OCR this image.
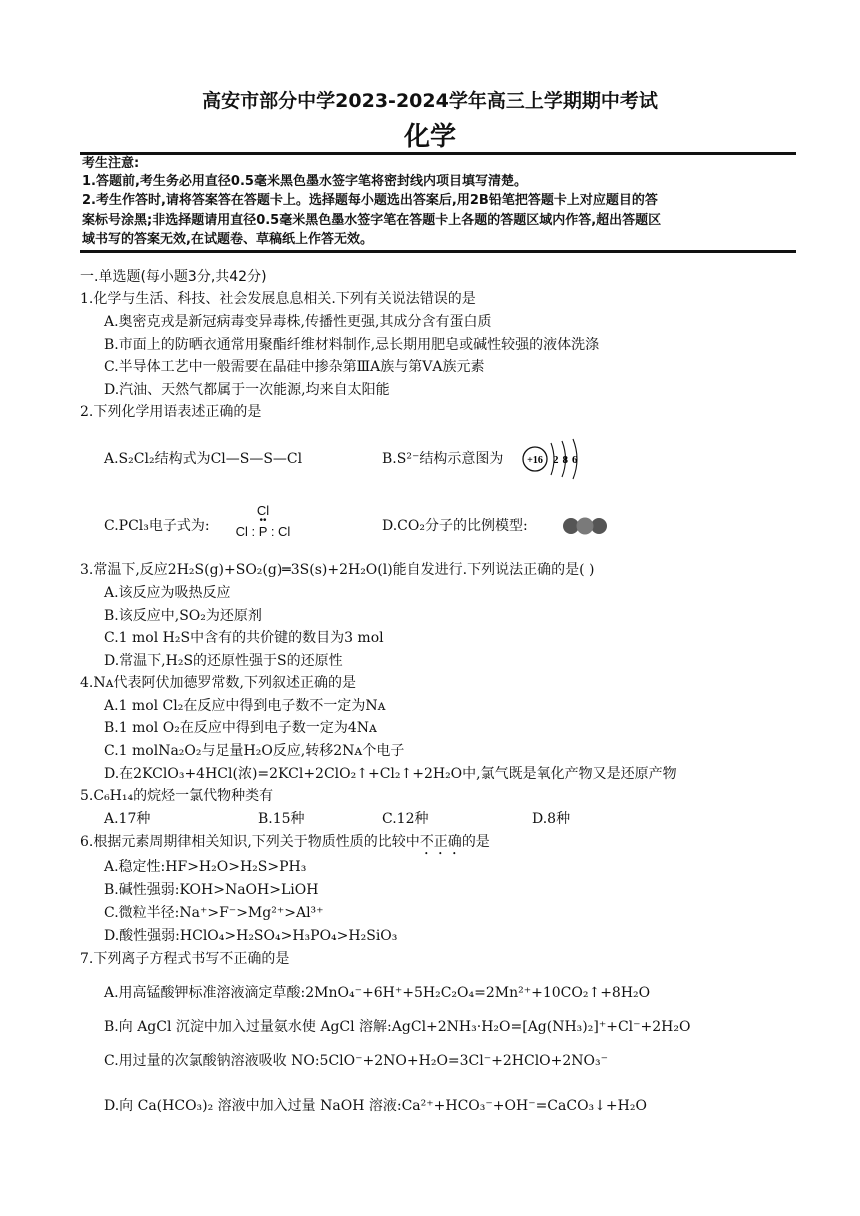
高安市部分中学2023-2024学年高三上学期期中考试
化学
考生注意:
1.答题前,考生务必用直径0.5毫米黑色墨水签字笔将密封线内项目填写清楚。
2.考生作答时,请将答案答在答题卡上。选择题每小题选出答案后,用2B铅笔把答题卡上对应题目的答
案标号涂黑;非选择题请用直径0.5毫米黑色墨水签字笔在答题卡上各题的答题区域内作答,超出答题区
域书写的答案无效,在试题卷、草稿纸上作答无效。
一.单选题(每小题3分,共42分)
1.化学与生活、科技、社会发展息息相关.下列有关说法错误的是
A.奥密克戎是新冠病毒变异毒株,传播性更强,其成分含有蛋白质
B.市面上的防晒衣通常用聚酯纤维材料制作,忌长期用肥皂或碱性较强的液体洗涤
C.半导体工艺中一般需要在晶硅中掺杂第ⅢA族与第ⅤA族元素
D.汽油、天然气都属于一次能源,均来自太阳能
2.下列化学用语表述正确的是
A.S₂Cl₂结构式为Cl—S—S—Cl	B.S²⁻结构示意图为 +16 286
C.PCl₃电子式为:
Cl
••
Cl : P : Cl	D.CO₂分子的比例模型:
3.常温下,反应2H₂S(g)+SO₂(g)═3S(s)+2H₂O(l)能自发进行.下列说法正确的是( )
A.该反应为吸热反应
B.该反应中,SO₂为还原剂
C.1 mol H₂S中含有的共价键的数目为3 mol
D.常温下,H₂S的还原性强于S的还原性
4.Nᴀ代表阿伏加德罗常数,下列叙述正确的是
A.1 mol Cl₂在反应中得到电子数不一定为Nᴀ
B.1 mol O₂在反应中得到电子数一定为4Nᴀ
C.1 molNa₂O₂与足量H₂O反应,转移2Nᴀ个电子
D.在2KClO₃+4HCl(浓)=2KCl+2ClO₂↑+Cl₂↑+2H₂O中,氯气既是氧化产物又是还原产物
5.C₆H₁₄的烷烃一氯代物种类有
A.17种	B.15种	C.12种	D.8种
6.根据元素周期律相关知识,下列关于物质性质的比较中不正确的是
A.稳定性:HF>H₂O>H₂S>PH₃
B.碱性强弱:KOH>NaOH>LiOH
C.微粒半径:Na⁺>F⁻>Mg²⁺>Al³⁺
D.酸性强弱:HClO₄>H₂SO₄>H₃PO₄>H₂SiO₃
7.下列离子方程式书写不正确的是
A.用高锰酸钾标准溶液滴定草酸:2MnO₄⁻+6H⁺+5H₂C₂O₄=2Mn²⁺+10CO₂↑+8H₂O
B.向 AgCl 沉淀中加入过量氨水使 AgCl 溶解:AgCl+2NH₃·H₂O=[Ag(NH₃)₂]⁺+Cl⁻+2H₂O
C.用过量的次氯酸钠溶液吸收 NO:5ClO⁻+2NO+H₂O=3Cl⁻+2HClO+2NO₃⁻
D.向 Ca(HCO₃)₂ 溶液中加入过量 NaOH 溶液:Ca²⁺+HCO₃⁻+OH⁻=CaCO₃↓+H₂O
